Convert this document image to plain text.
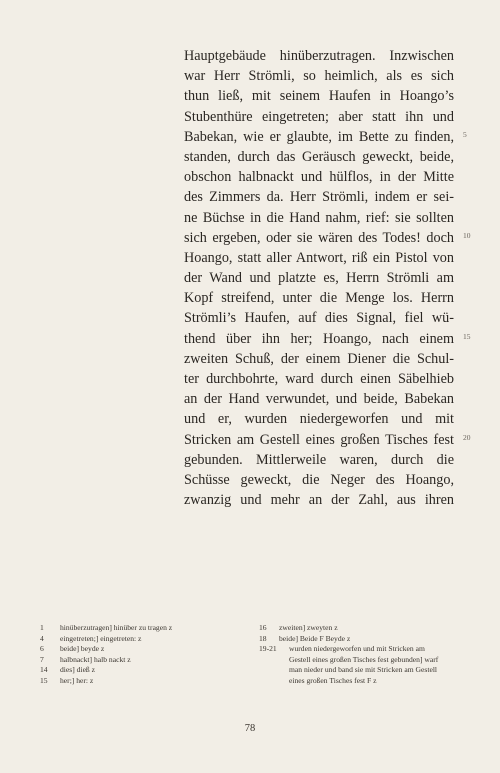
Hauptgebäude hinüberzutragen. Inzwischen
war Herr Strömli, so heimlich, als es sich
thun ließ, mit seinem Haufen in Hoango’s
Stubenthüre eingetreten; aber statt ihn und
Babekan, wie er glaubte, im Bette zu finden,
standen, durch das Geräusch geweckt, beide,
obschon halbnackt und hülflos, in der Mitte
des Zimmers da. Herr Strömli, indem er sei-
ne Büchse in die Hand nahm, rief: sie sollten
sich ergeben, oder sie wären des Todes! doch
Hoango, statt aller Antwort, riß ein Pistol von
der Wand und platzte es, Herrn Strömli am
Kopf streifend, unter die Menge los. Herrn
Strömli’s Haufen, auf dies Signal, fiel wü-
thend über ihn her; Hoango, nach einem
zweiten Schuß, der einem Diener die Schul-
ter durchbohrte, ward durch einen Säbelhieb
an der Hand verwundet, und beide, Babekan
und er, wurden niedergeworfen und mit
Stricken am Gestell eines großen Tisches fest
gebunden. Mittlerweile waren, durch die
Schüsse geweckt, die Neger des Hoango,
zwanzig und mehr an der Zahl, aus ihren
5
10
15
20
1	hinüberzutragen] hinüber zu tragen z
4	eingetreten;] eingetreten: z
6	beide] beyde z
7	halbnackt] halb nackt z
14	dies] dieß z
15	her;] her: z
16	zweiten] zweyten z
18	beide] Beide F Beyde z
19-21	wurden niedergeworfen und mit Stricken am
Gestell eines großen Tisches fest gebunden] warf
man nieder und band sie mit Stricken am Gestell
eines großen Tisches fest F z
78
